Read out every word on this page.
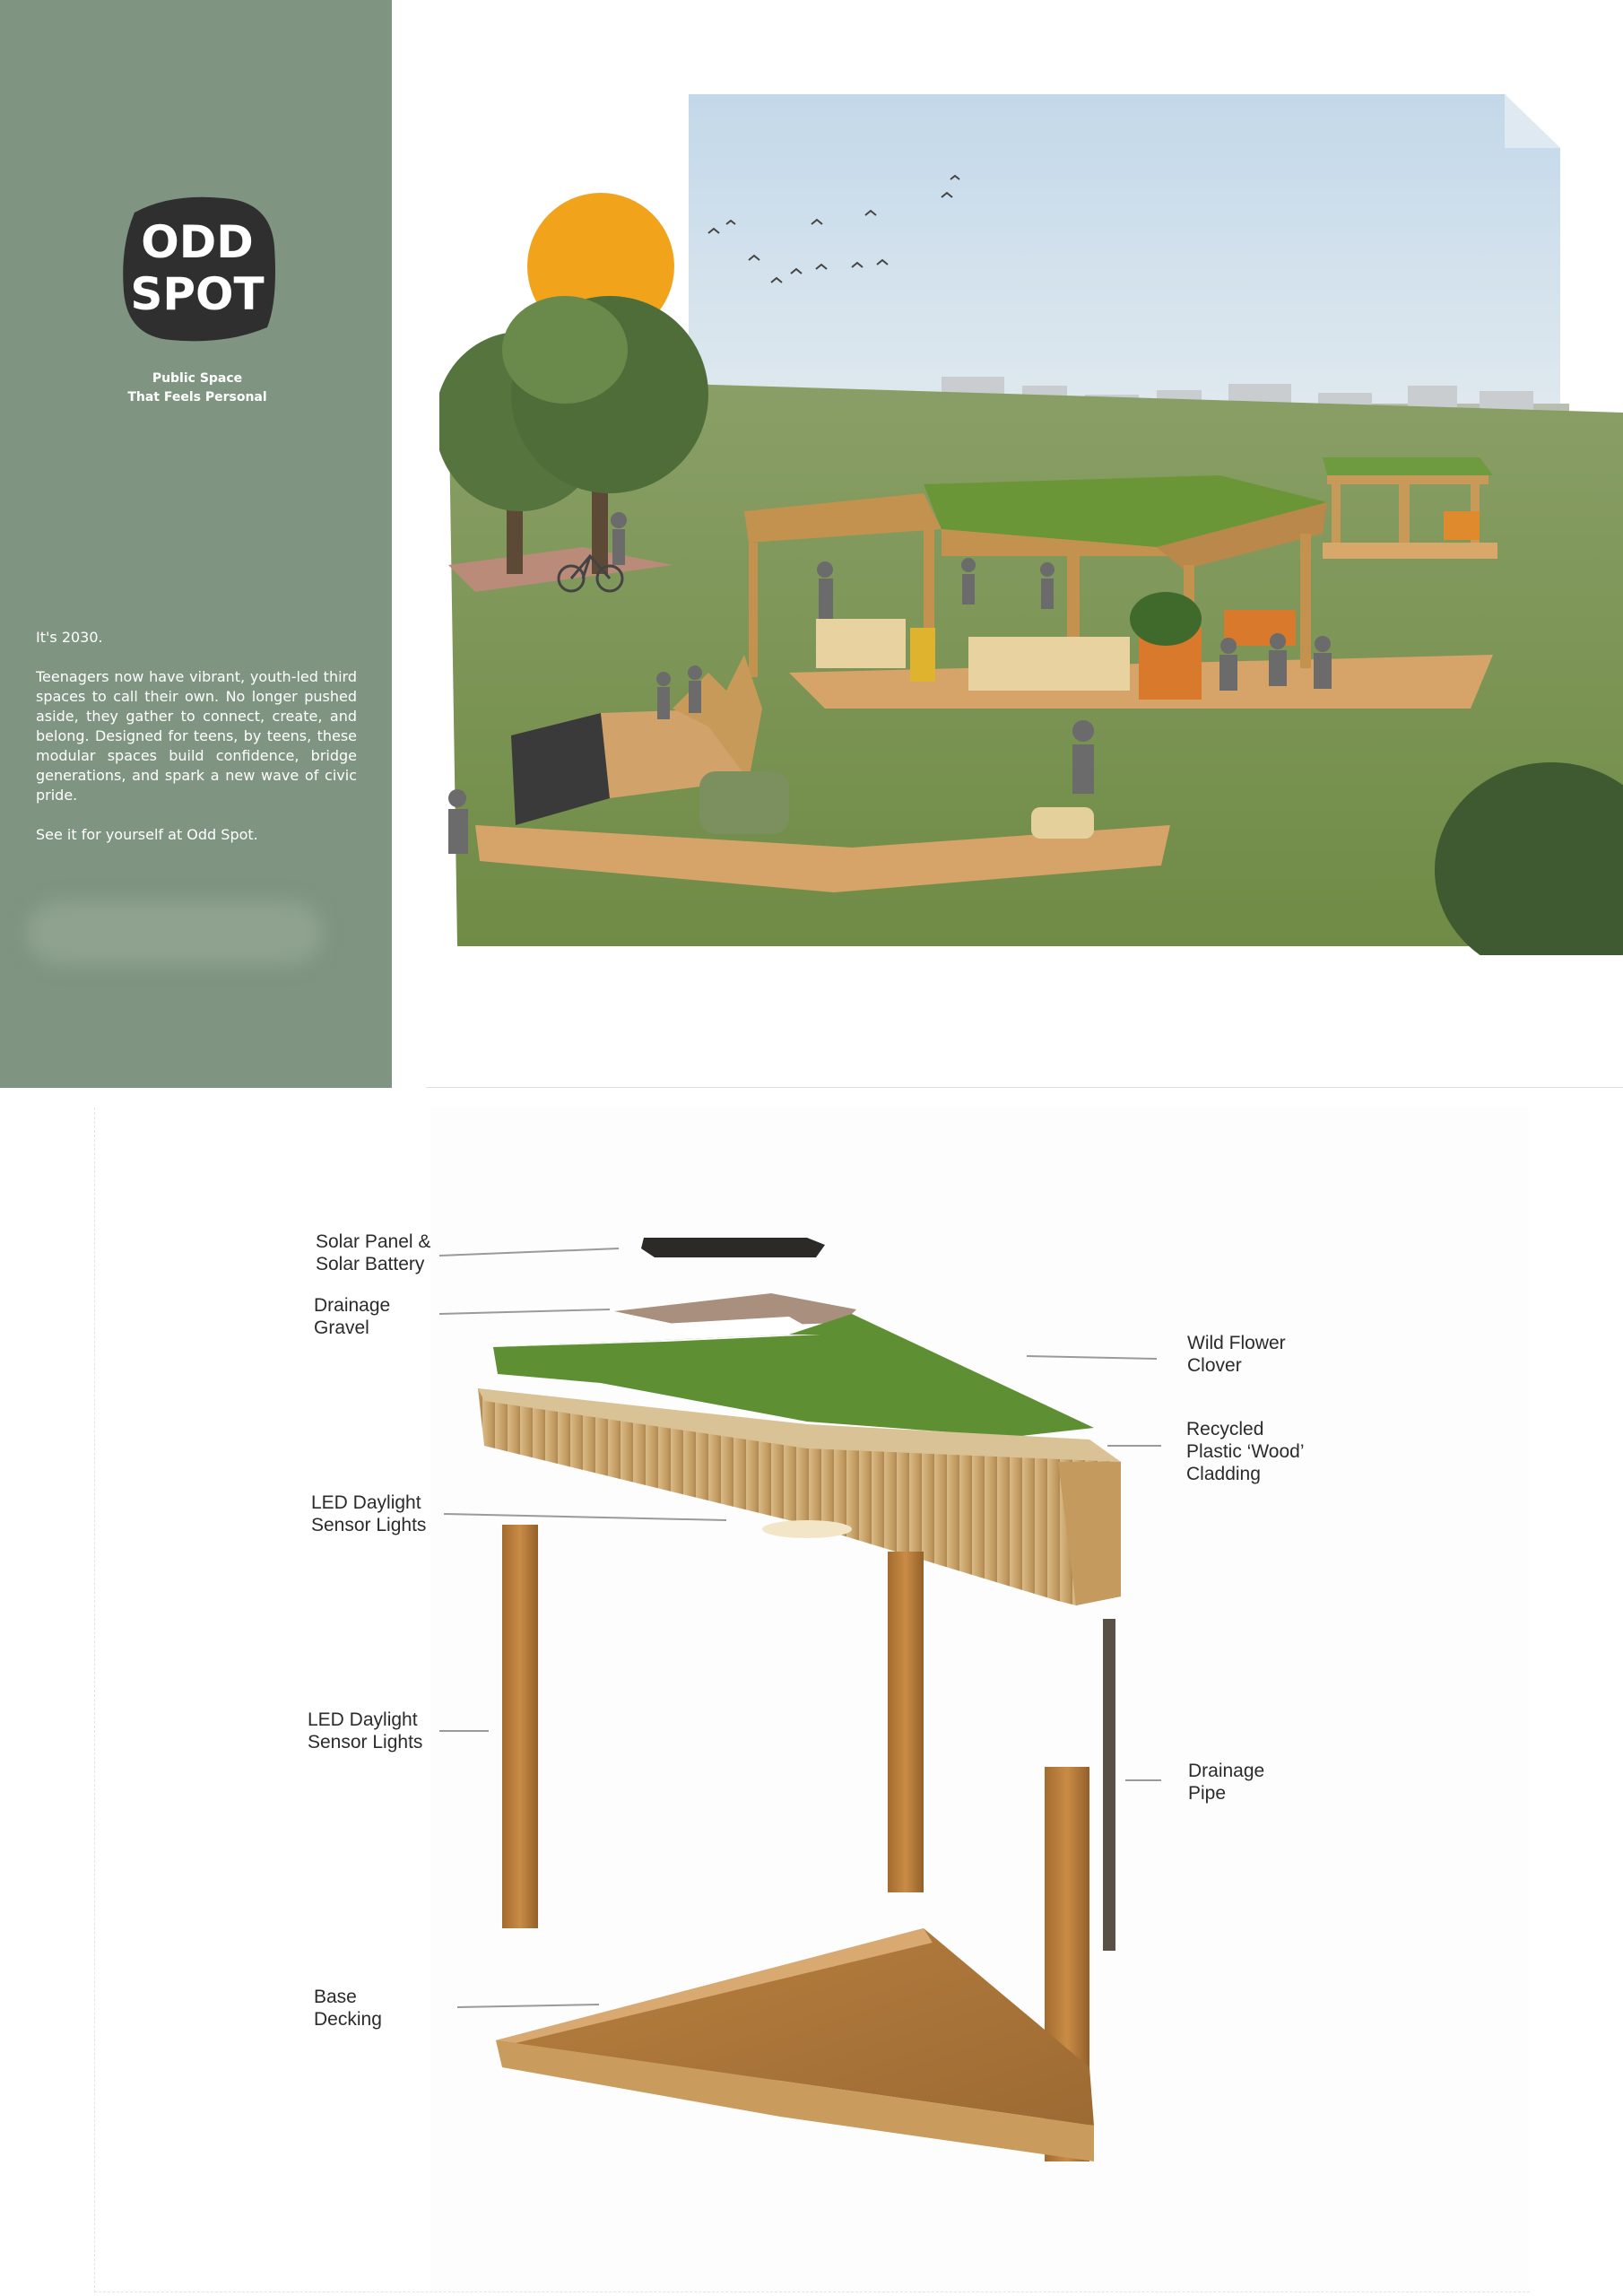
ODD
SPOT
Public Space
That Feels Personal

It's 2030.

Teenagers now have vibrant, youth-led third spaces to call their own. No longer pushed aside, they gather to connect, create, and belong. Designed for teens, by teens, these modular spaces build confidence, bridge generations, and spark a new wave of civic pride.

See it for yourself at Odd Spot.

Solar Panel &
Solar Battery
Drainage
Gravel
Wild Flower
Clover
Recycled
Plastic ‘Wood’
Cladding
LED Daylight
Sensor Lights
LED Daylight
Sensor Lights
Drainage
Pipe
Base
Decking
